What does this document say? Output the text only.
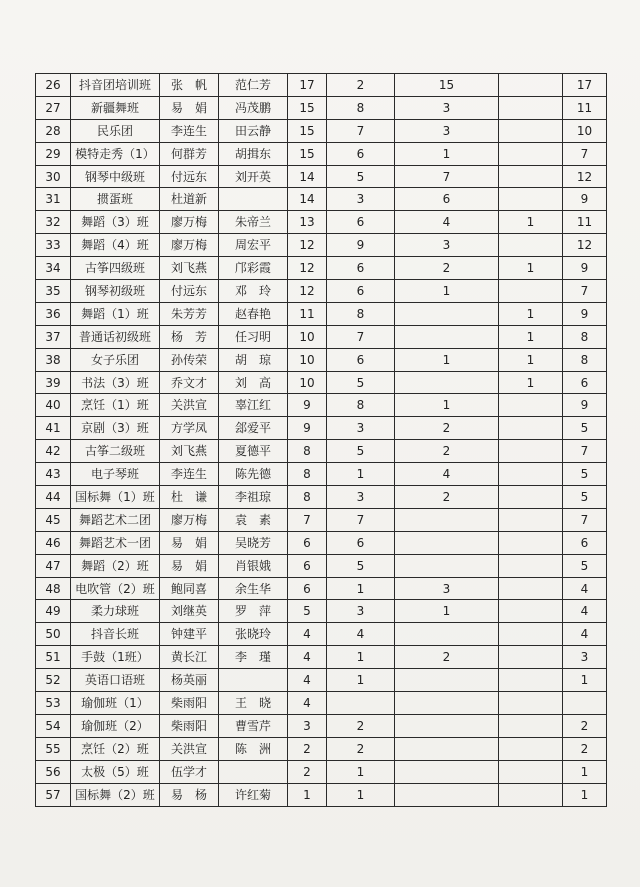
26	抖音团培训班	张　帆	范仁芳	17	2	15		17
27	新疆舞班	易　娟	冯茂鹏	15	8	3		11
28	民乐团	李连生	田云静	15	7	3		10
29	模特走秀（1）	何群芳	胡揖东	15	6	1		7
30	钢琴中级班	付远东	刘开英	14	5	7		12
31	掼蛋班	杜道新		14	3	6		9
32	舞蹈（3）班	廖万梅	朱帝兰	13	6	4	1	11
33	舞蹈（4）班	廖万梅	周宏平	12	9	3		12
34	古筝四级班	刘飞燕	邝彩霞	12	6	2	1	9
35	钢琴初级班	付远东	邓　玲	12	6	1		7
36	舞蹈（1）班	朱芳芳	赵春艳	11	8		1	9
37	普通话初级班	杨　芳	任习明	10	7		1	8
38	女子乐团	孙传荣	胡　琼	10	6	1	1	8
39	书法（3）班	乔文才	刘　高	10	5		1	6
40	烹饪（1）班	关洪宣	辜江红	9	8	1		9
41	京剧（3）班	方学凤	郐爱平	9	3	2		5
42	古筝二级班	刘飞燕	夏德平	8	5	2		7
43	电子琴班	李连生	陈先德	8	1	4		5
44	国标舞（1）班	杜　谦	李祖琼	8	3	2		5
45	舞蹈艺术二团	廖万梅	袁　素	7	7			7
46	舞蹈艺术一团	易　娟	吴晓芳	6	6			6
47	舞蹈（2）班	易　娟	肖银娥	6	5			5
48	电吹管（2）班	鲍同喜	余生华	6	1	3		4
49	柔力球班	刘继英	罗　萍	5	3	1		4
50	抖音长班	钟建平	张晓玲	4	4			4
51	手鼓（1班）	黄长江	李　瑾	4	1	2		3
52	英语口语班	杨英丽		4	1			1
53	瑜伽班（1）	柴雨阳	王　晓	4				
54	瑜伽班（2）	柴雨阳	曹雪芹	3	2			2
55	烹饪（2）班	关洪宣	陈　洲	2	2			2
56	太极（5）班	伍学才		2	1			1
57	国标舞（2）班	易　杨	许红菊	1	1			1
